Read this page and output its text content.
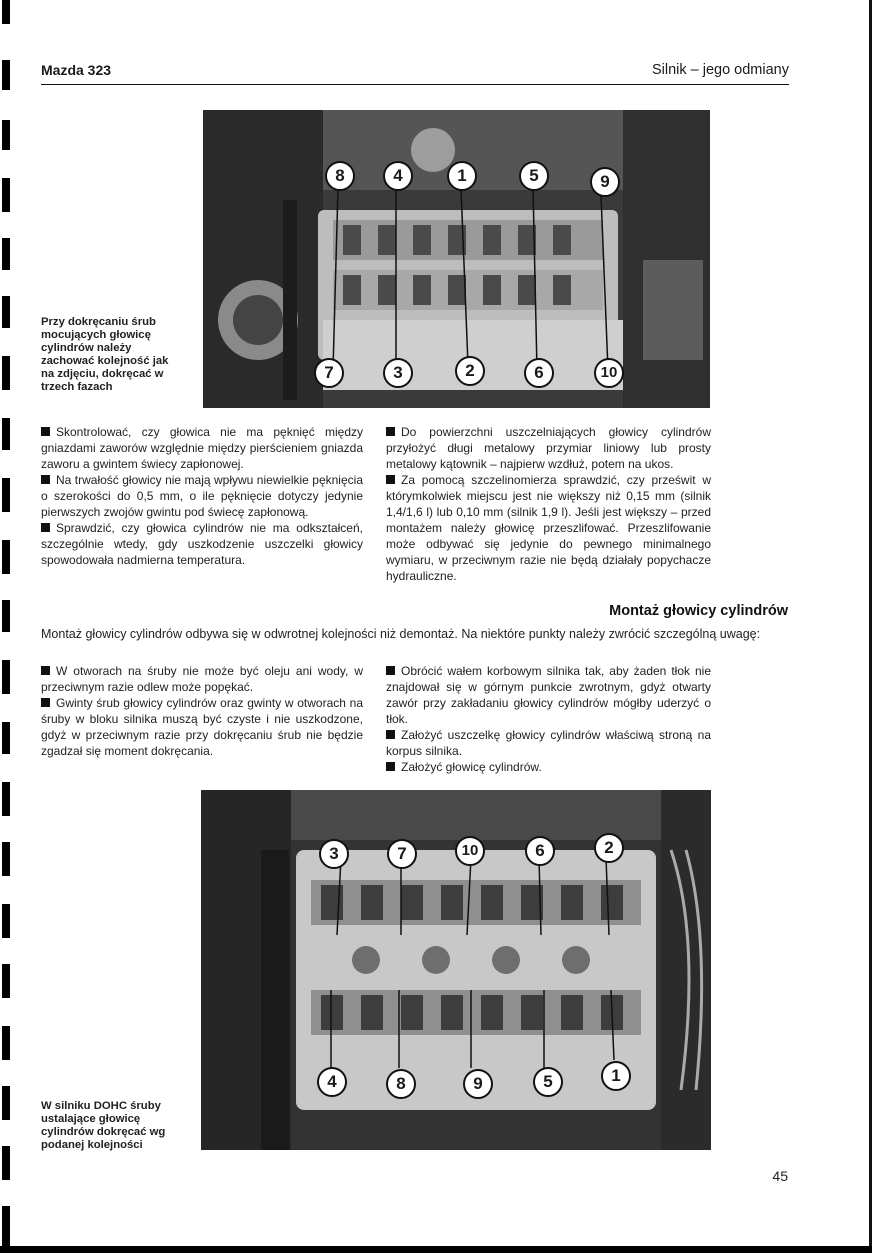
Mazda 323	Silnik – jego odmiany
8	4	1	5	9
7	3	2	6	10
Przy dokręcaniu śrub mocujących głowicę cylindrów należy zachować kolejność jak na zdjęciu, dokręcać w trzech fazach

Skontrolować, czy głowica nie ma pęknięć między gniazdami zaworów względnie między pierścieniem gniazda zaworu a gwintem świecy zapłonowej.

Na trwałość głowicy nie mają wpływu niewielkie pęknięcia o szerokości do 0,5 mm, o ile pęknięcie dotyczy jedynie pierwszych zwojów gwintu pod świecę zapłonową.

Sprawdzić, czy głowica cylindrów nie ma odkształceń, szczególnie wtedy, gdy uszkodzenie uszczelki głowicy spowodowała nadmierna temperatura.

Do powierzchni uszczelniających głowicy cylindrów przyłożyć długi metalowy przymiar liniowy lub prosty metalowy kątownik – najpierw wzdłuż, potem na ukos.

Za pomocą szczelinomierza sprawdzić, czy prześwit w którymkolwiek miejscu jest nie większy niż 0,15 mm (silnik 1,4/1,6 l) lub 0,10 mm (silnik 1,9 l). Jeśli jest większy – przed montażem należy głowicę przeszlifować. Przeszlifowanie może odbywać się jedynie do pewnego minimalnego wymiaru, w przeciwnym razie nie będą działały popychacze hydrauliczne.

Montaż głowicy cylindrów

Montaż głowicy cylindrów odbywa się w odwrotnej kolejności niż demontaż. Na niektóre punkty należy zwrócić szczególną uwagę:

W otworach na śruby nie może być oleju ani wody, w przeciwnym razie odlew może popękać.

Gwinty śrub głowicy cylindrów oraz gwinty w otworach na śruby w bloku silnika muszą być czyste i nie uszkodzone, gdyż w przeciwnym razie przy dokręcaniu śrub nie będzie zgadzał się moment dokręcania.

Obrócić wałem korbowym silnika tak, aby żaden tłok nie znajdował się w górnym punkcie zwrotnym, gdyż otwarty zawór przy zakładaniu głowicy cylindrów mógłby uderzyć o tłok.

Założyć uszczelkę głowicy cylindrów właściwą stroną na korpus silnika.

Założyć głowicę cylindrów.

3	7	10	6	2
4	8	9	5	1
W silniku DOHC śruby ustalające głowicę cylindrów dokręcać wg podanej kolejności
45
